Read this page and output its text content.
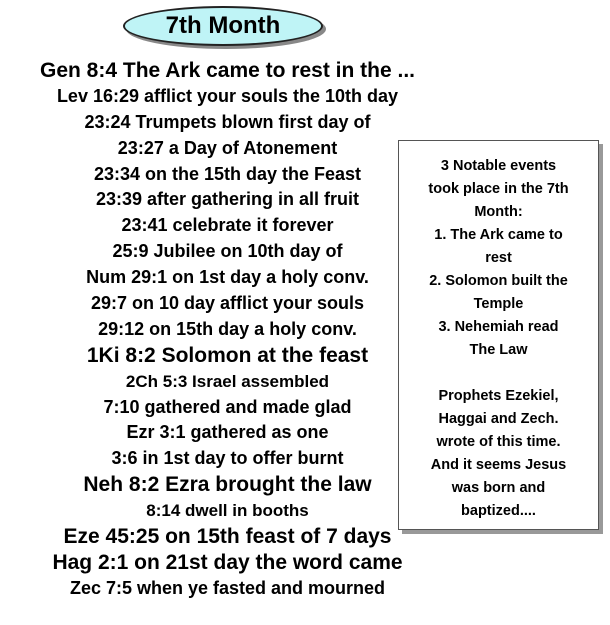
7th Month
Gen 8:4 The Ark came to rest in the ...
Lev 16:29 afflict your souls the 10th day
23:24 Trumpets blown first day of
23:27 a Day of Atonement
23:34 on the 15th day the Feast
23:39 after gathering in all fruit
23:41 celebrate it forever
25:9 Jubilee on 10th day of
Num 29:1 on 1st day a holy conv.
29:7 on 10 day afflict your souls
29:12 on 15th day a holy conv.
1Ki 8:2 Solomon at the feast
2Ch 5:3 Israel assembled
7:10 gathered and made glad
Ezr 3:1 gathered as one
3:6 in 1st day to offer burnt
Neh 8:2 Ezra brought the law
8:14 dwell in booths
Eze 45:25 on 15th feast of 7 days
Hag 2:1 on 21st day the word came
Zec 7:5 when ye fasted and mourned

3 Notable events

took place in the 7th

Month:

1. The Ark came to

rest

2. Solomon built the

Temple

3. Nehemiah read

The Law

Prophets Ezekiel,

Haggai and Zech.

wrote of this time.

And it seems Jesus

was born and

baptized....
